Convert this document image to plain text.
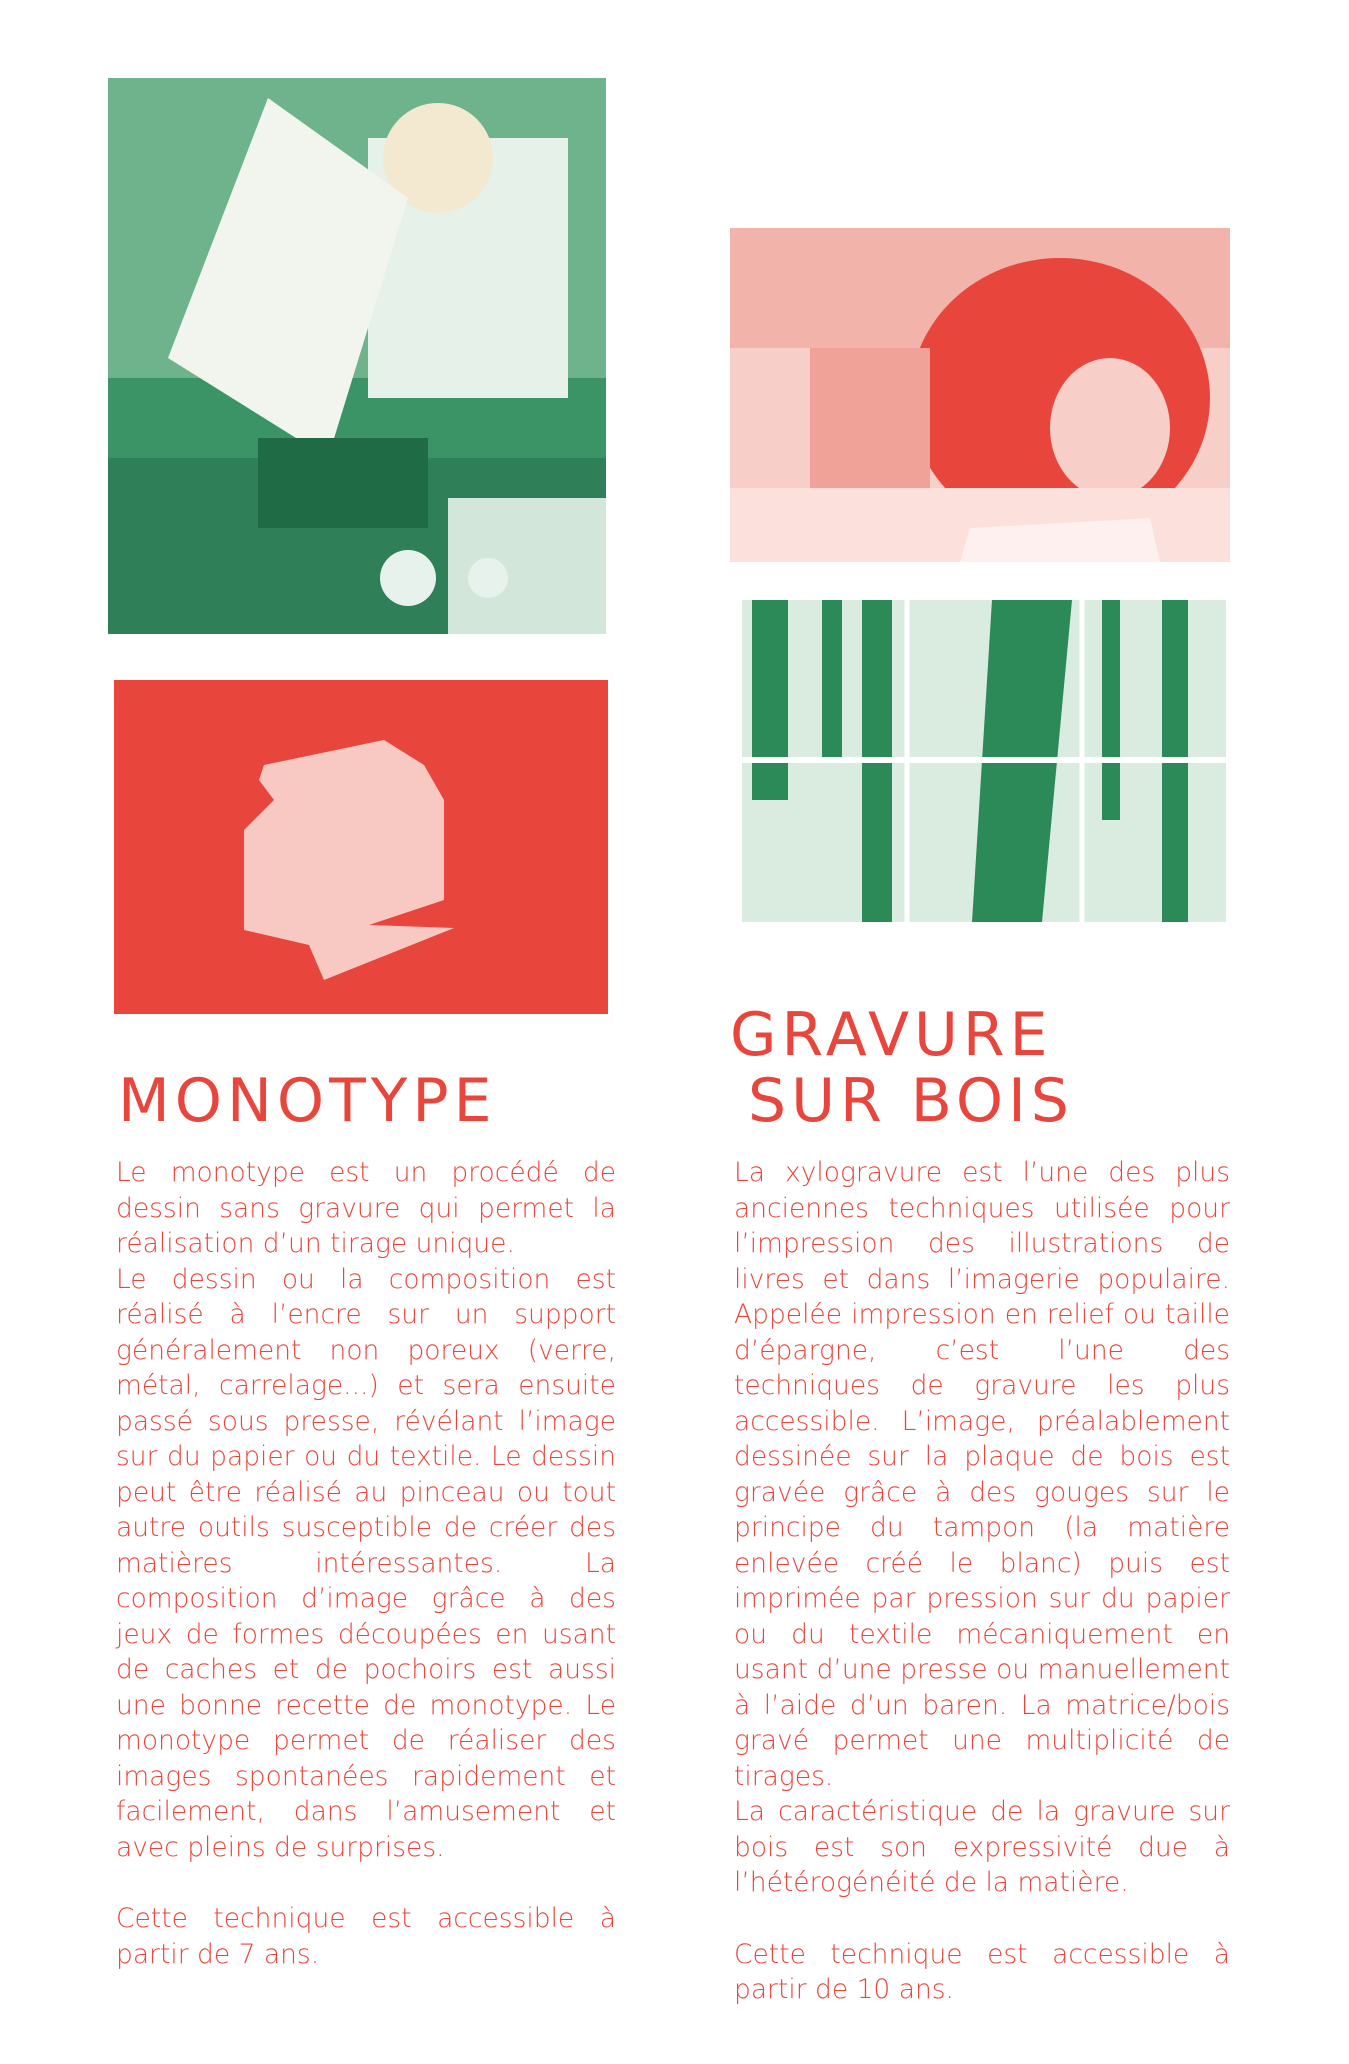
MONOTYPE
GRAVURE
SUR BOIS

Le monotype est un procédé de dessin sans gravure qui permet la réalisation d’un tirage unique.

Le dessin ou la composition est réalisé à l’encre sur un support généralement non poreux (verre, métal, carrelage...) et sera ensuite passé sous presse, révélant l’image sur du papier ou du textile. Le dessin peut être réalisé au pinceau ou tout autre outils susceptible de créer des matières intéressantes. La composition d’image grâce à des jeux de formes découpées en usant de caches et de pochoirs est aussi une bonne recette de monotype. Le monotype permet de réaliser des images spontanées rapidement et facilement, dans l’amusement et avec pleins de surprises.

Cette technique est accessible à partir de 7 ans.

La xylogravure est l’une des plus anciennes techniques utilisée pour l’impression des illustrations de livres et dans l’imagerie populaire. Appelée impression en relief ou taille d’épargne, c’est l’une des techniques de gravure les plus accessible. L’image, préalablement dessinée sur la plaque de bois est gravée grâce à des gouges sur le principe du tampon (la matière enlevée créé le blanc) puis est imprimée par pression sur du papier ou du textile mécaniquement en usant d’une presse ou manuellement à l’aide d’un baren. La matrice/bois gravé permet une multiplicité de tirages.

La caractéristique de la gravure sur bois est son expressivité due à l’hétérogénéité de la matière.

Cette technique est accessible à partir de 10 ans.
